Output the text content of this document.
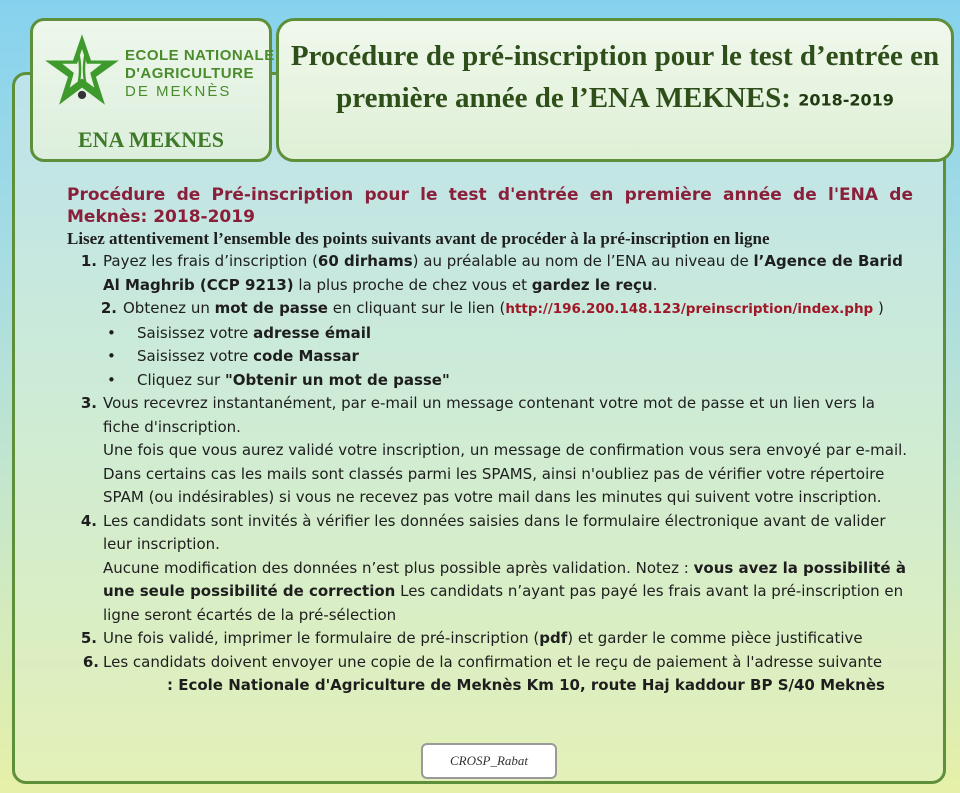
ECOLE NATIONALE
D'AGRICULTURE
DE MEKNÈS
ENA MEKNES
Procédure de pré-inscription pour le test d’entrée en première année de l’ENA MEKNES: 2018-2019
Procédure de Pré-inscription pour le test d'entrée en première année de l'ENA de Meknès: 2018-2019
Lisez attentivement l’ensemble des points suivants avant de procéder à la pré-inscription en ligne
1. Payez les frais d’inscription (60 dirhams) au préalable au nom de l’ENA au niveau de l’Agence de Barid Al Maghrib (CCP 9213) la plus proche de chez vous et gardez le reçu.
2. Obtenez un mot de passe en cliquant sur le lien (http://196.200.148.123/preinscription/index.php )
• Saisissez votre adresse émail
• Saisissez votre code Massar
• Cliquez sur "Obtenir un mot de passe"
3. Vous recevrez instantanément, par e-mail un message contenant votre mot de passe et un lien vers la fiche d'inscription.
Une fois que vous aurez validé votre inscription, un message de confirmation vous sera envoyé par e-mail. Dans certains cas les mails sont classés parmi les SPAMS, ainsi n'oubliez pas de vérifier votre répertoire SPAM (ou indésirables) si vous ne recevez pas votre mail dans les minutes qui suivent votre inscription.
4. Les candidats sont invités à vérifier les données saisies dans le formulaire électronique avant de valider leur inscription.
Aucune modification des données n’est plus possible après validation. Notez : vous avez la possibilité à une seule possibilité de correction Les candidats n’ayant pas payé les frais avant la pré-inscription en ligne seront écartés de la pré-sélection
5. Une fois validé, imprimer le formulaire de pré-inscription (pdf) et garder le comme pièce justificative
6. Les candidats doivent envoyer une copie de la confirmation et le reçu de paiement à l'adresse suivante
: Ecole Nationale d'Agriculture de Meknès Km 10, route Haj kaddour BP S/40 Meknès
CROSP_Rabat
